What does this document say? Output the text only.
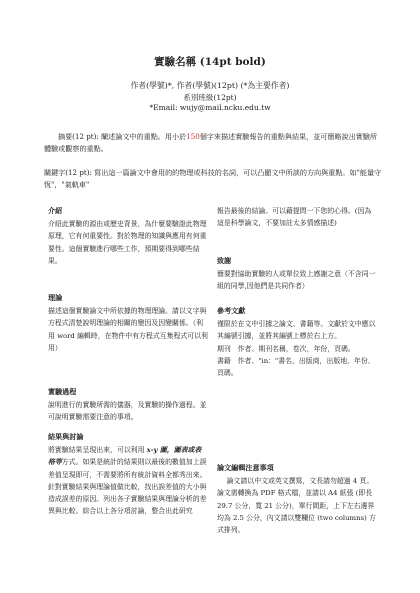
實驗名稱 (14pt bold)
作者(學號)*, 作者(學號)(12pt) (*為主要作者)
系別班級(12pt)
*Email: wujy@mail.ncku.edu.tw
摘要(12 pt): 闡述論文中的重點。用小於150個字來描述實驗報告的重點與結果，並可簡略說出實驗所體驗或觀察的重點。
關鍵字(12 pt): 寫出這一篇論文中會用的的物理或科技的名詞，可以凸顯文中所談的方向與重點。如"能量守恆"，"氣軌車"
介紹

介紹此實驗的源由或歷史背景，為什麼要驗證此物理原理，它有何重要性。對於物理的知識與應用有何重要性。這個實驗進行哪些工作，預期要得到哪些結果。

理論

描述這個實驗論文中所依據的物理理論。請以文字與方程式清楚說明理論的相關的變因及因變關係。（利用 word 編輯時，在物件中有方程式互集程式可以利用）

實驗過程

說明進行的實驗所需的儀器，及實驗的操作過程。並可說明實驗需要注意的事項。

結果與討論

將實驗結果呈現出來，可以利用 x-y 圖，圖表或表格等方式。如果是統計的結果則以最後的數值加上誤差值呈現即可，不需要將所有統計資料全都秀出來。針對實驗結果與理論值做比較，找出誤差值的大小與造成誤差的原因。列出各子實驗結果與理論分析的差異與比較。綜合以上各分項討論，整合出此研究

報告最後的結論。可以藉提問一下您的心得。(因為這是科學論文，不要加註太多情感描述)

致謝

簡要對協助實驗的人或單位致上感謝之意（不含同一組的同學,因他們是共同作者）

參考文獻

僅限於在文中引據之論文、書籍等。文獻於文中應以其編號引據，並將其編號上標於右上方。

期刊　作者、期刊名稱，卷次，年份，頁碼。

書籍　作者、"in："書名，出版商，出版地、年份、頁碼。

論文編輯注意事項

論文請以中文或英文撰寫，文長請勿超過 4 頁。論文需轉換為 PDF 格式檔，並請以 A4 紙張 (即長 29.7 公分，寬 21 公分)，單行間距，上下左右邊界均為 2.5 公分，內文請以雙欄位 (two columns) 方式排列。
